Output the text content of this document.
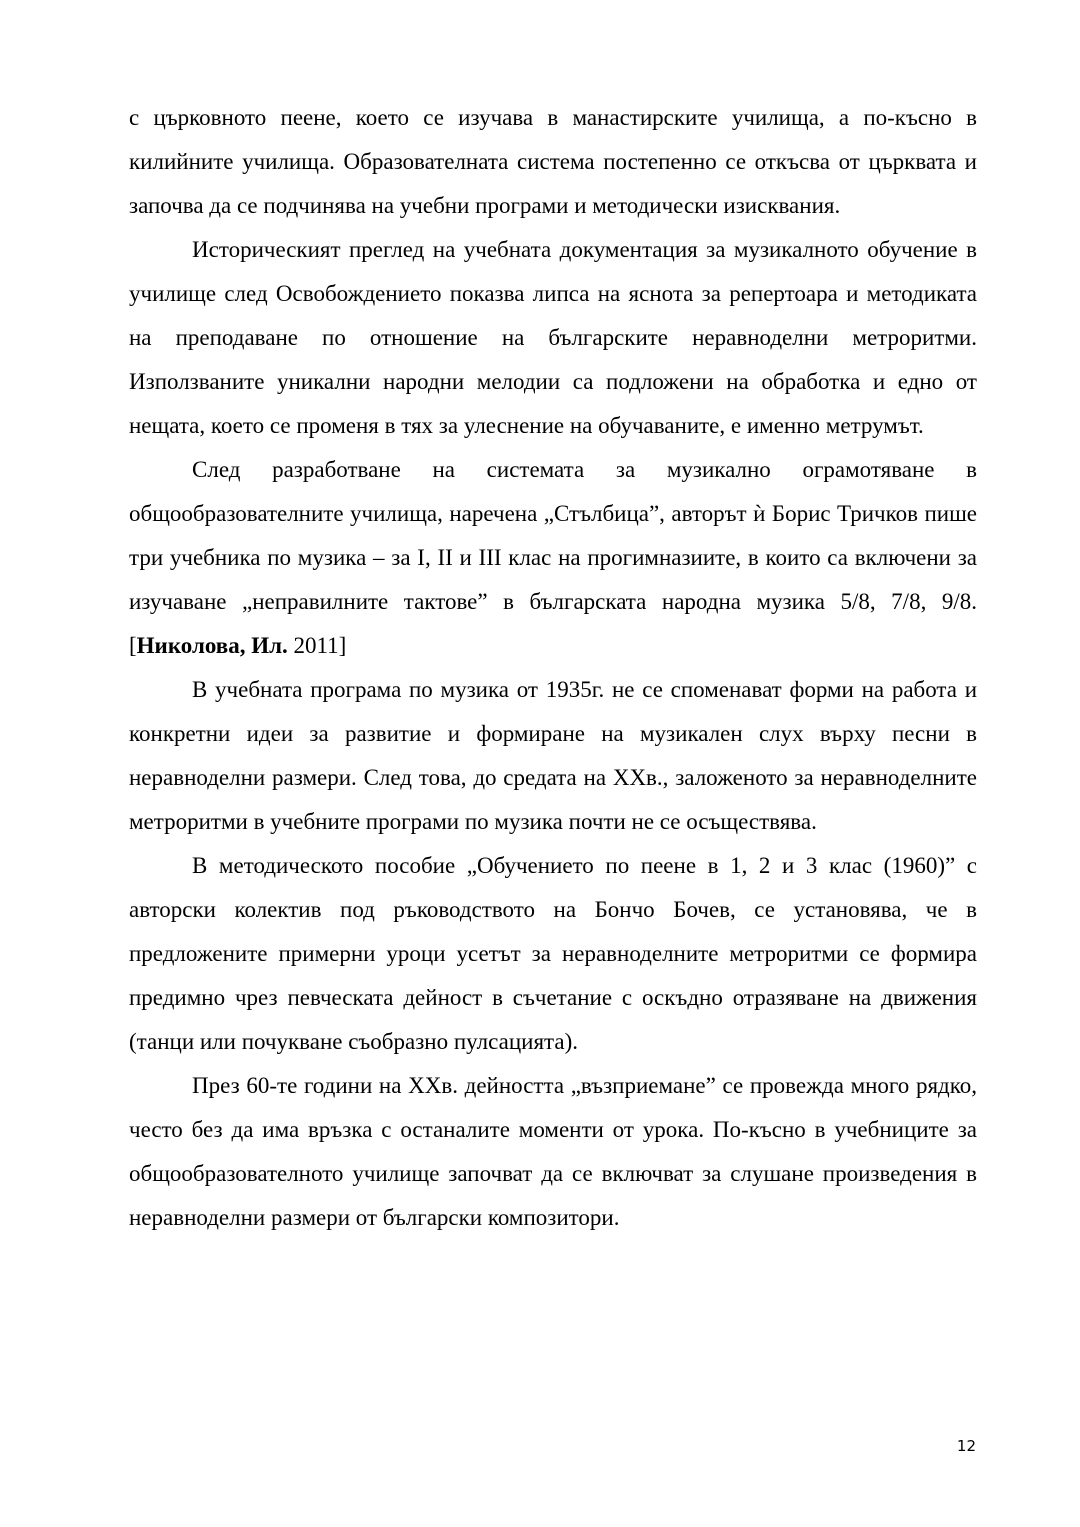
с църковното пеене, което се изучава в манастирските училища, а по-късно в килийните училища. Образователната система постепенно се откъсва от църквата и започва да се подчинява на учебни програми и методически изисквания.

Историческият преглед на учебната документация за музикалното обучение в училище след Освобождението показва липса на яснота за репертоара и методиката на преподаване по отношение на българските неравноделни метроритми. Използваните уникални народни мелодии са подложени на обработка и едно от нещата, което се променя в тях за улеснение на обучаваните, е именно метрумът.

След разработване на системата за музикално ограмотяване в общообразователните училища, наречена „Стълбица”, авторът ѝ Борис Тричков пише три учебника по музика – за I, II и III клас на прогимназиите, в които са включени за изучаване „неправилните тактове” в българската народна музика 5/8, 7/8, 9/8. [Николова, Ил. 2011]

В учебната програма по музика от 1935г. не се споменават форми на работа и конкретни идеи за развитие и формиране на музикален слух върху песни в неравноделни размери. След това, до средата на XXв., заложеното за неравноделните метроритми в учебните програми по музика почти не се осъществява.

В методическото пособие „Обучението по пеене в 1, 2 и 3 клас (1960)” с авторски колектив под ръководството на Бончо Бочев, се установява, че в предложените примерни уроци усетът за неравноделните метроритми се формира предимно чрез певческата дейност в съчетание с оскъдно отразяване на движения (танци или почукване съобразно пулсацията).

През 60-те години на XXв. дейността „възприемане” се провежда много рядко, често без да има връзка с останалите моменти от урока. По-късно в учебниците за общообразователното училище започват да се включват за слушане произведения в неравноделни размери от български композитори.

12
